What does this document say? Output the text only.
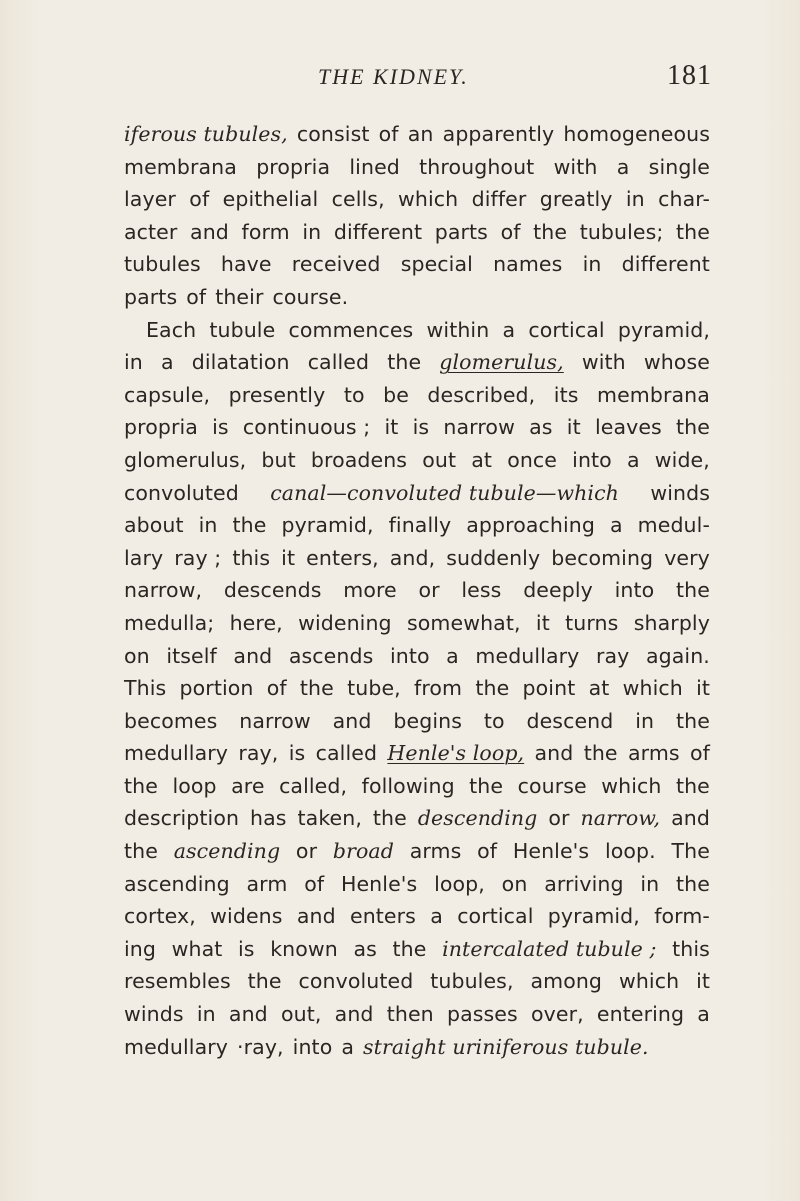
THE KIDNEY.	181
iferous tubules, consist of an apparently homogeneous
membrana propria lined throughout with a single
layer of epithelial cells, which differ greatly in char-
acter and form in different parts of the tubules; the
tubules have received special names in different
parts of their course.
Each tubule commences within a cortical pyramid,
in a dilatation called the glomerulus, with whose
capsule, presently to be described, its membrana
propria is continuous ; it is narrow as it leaves the
glomerulus, but broadens out at once into a wide,
convoluted canal—convoluted tubule—which winds
about in the pyramid, finally approaching a medul-
lary ray ; this it enters, and, suddenly becoming very
narrow, descends more or less deeply into the
medulla; here, widening somewhat, it turns sharply
on itself and ascends into a medullary ray again.
This portion of the tube, from the point at which it
becomes narrow and begins to descend in the
medullary ray, is called Henle's loop, and the arms of
the loop are called, following the course which the
description has taken, the descending or narrow, and
the ascending or broad arms of Henle's loop. The
ascending arm of Henle's loop, on arriving in the
cortex, widens and enters a cortical pyramid, form-
ing what is known as the intercalated tubule ; this
resembles the convoluted tubules, among which it
winds in and out, and then passes over, entering a
medullary ·ray, into a straight uriniferous tubule.
